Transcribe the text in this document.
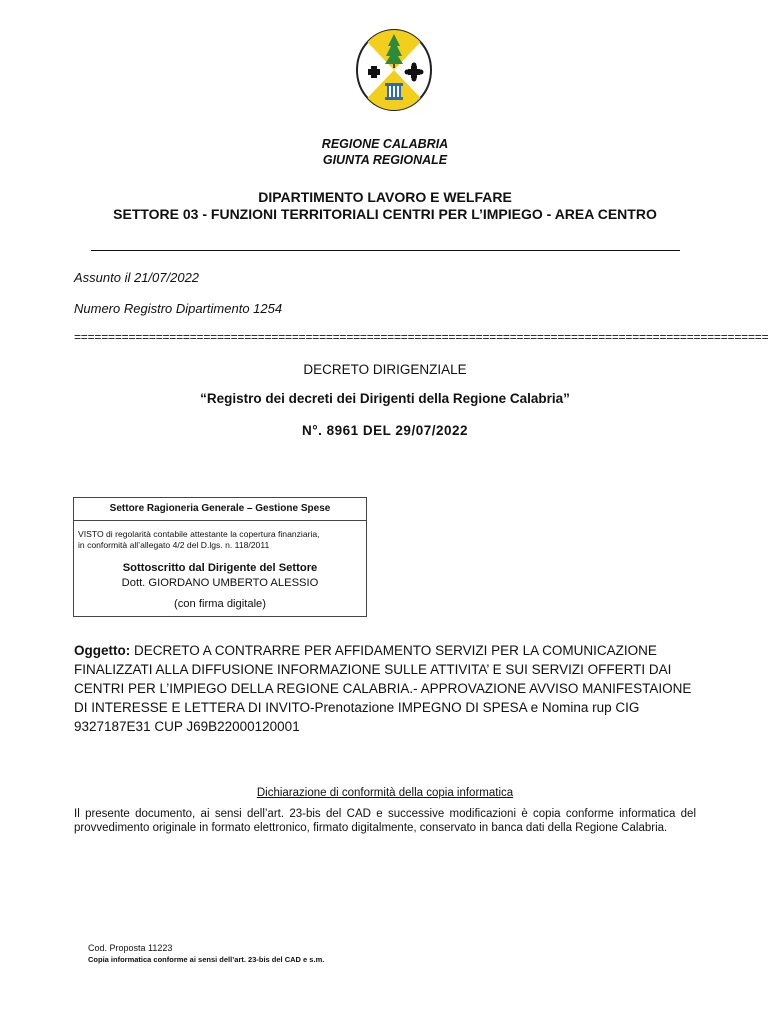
REGIONE CALABRIA
GIUNTA REGIONALE
DIPARTIMENTO LAVORO E WELFARE
SETTORE 03 - FUNZIONI TERRITORIALI CENTRI PER L’IMPIEGO - AREA CENTRO
Assunto il 21/07/2022
Numero Registro Dipartimento 1254
======================================================================================================
DECRETO DIRIGENZIALE
“Registro dei decreti dei Dirigenti della Regione Calabria”
N°. 8961 DEL 29/07/2022
Settore Ragioneria Generale – Gestione Spese
VISTO di regolarità contabile attestante la copertura finanziaria,
in conformità all’allegato 4/2 del D.lgs. n. 118/2011
Sottoscritto dal Dirigente del Settore
Dott. GIORDANO UMBERTO ALESSIO
(con firma digitale)
Oggetto: DECRETO A CONTRARRE PER AFFIDAMENTO SERVIZI PER LA COMUNICAZIONE FINALIZZATI ALLA DIFFUSIONE INFORMAZIONE SULLE ATTIVITA’ E SUI SERVIZI OFFERTI DAI CENTRI PER L’IMPIEGO DELLA REGIONE CALABRIA.- APPROVAZIONE AVVISO MANIFESTAIONE DI INTERESSE E LETTERA DI INVITO-Prenotazione IMPEGNO DI SPESA e Nomina rup CIG 9327187E31 CUP J69B22000120001
Dichiarazione di conformità della copia informatica
Il presente documento, ai sensi dell’art. 23-bis del CAD e successive modificazioni è copia conforme informatica del provvedimento originale in formato elettronico, firmato digitalmente, conservato in banca dati della Regione Calabria.
Cod. Proposta 11223
Copia informatica conforme ai sensi dell’art. 23-bis del CAD e s.m.
